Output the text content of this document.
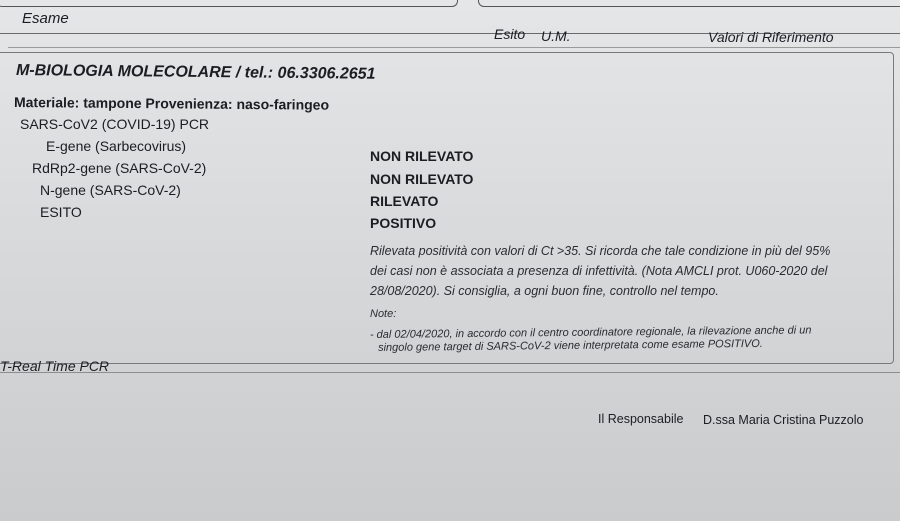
Esame
Esito U.M.	Valori di Riferimento
M-BIOLOGIA MOLECOLARE / tel.: 06.3306.2651
Materiale: tampone Provenienza: naso-faringeo
SARS-CoV2 (COVID-19) PCR
E-gene (Sarbecovirus)
NON RILEVATO
RdRp2-gene (SARS-CoV-2)
NON RILEVATO
N-gene (SARS-CoV-2)
RILEVATO
ESITO
POSITIVO
Rilevata positività con valori di Ct >35. Si ricorda che tale condizione in più del 95%
dei casi non è associata a presenza di infettività. (Nota AMCLI prot. U060-2020 del
28/08/2020). Si consiglia, a ogni buon fine, controllo nel tempo.
Note:
- dal 02/04/2020, in accordo con il centro coordinatore regionale, la rilevazione anche di un
singolo gene target di SARS-CoV-2 viene interpretata come esame POSITIVO.
T-Real Time PCR
Il Responsabile D.ssa Maria Cristina Puzzolo
